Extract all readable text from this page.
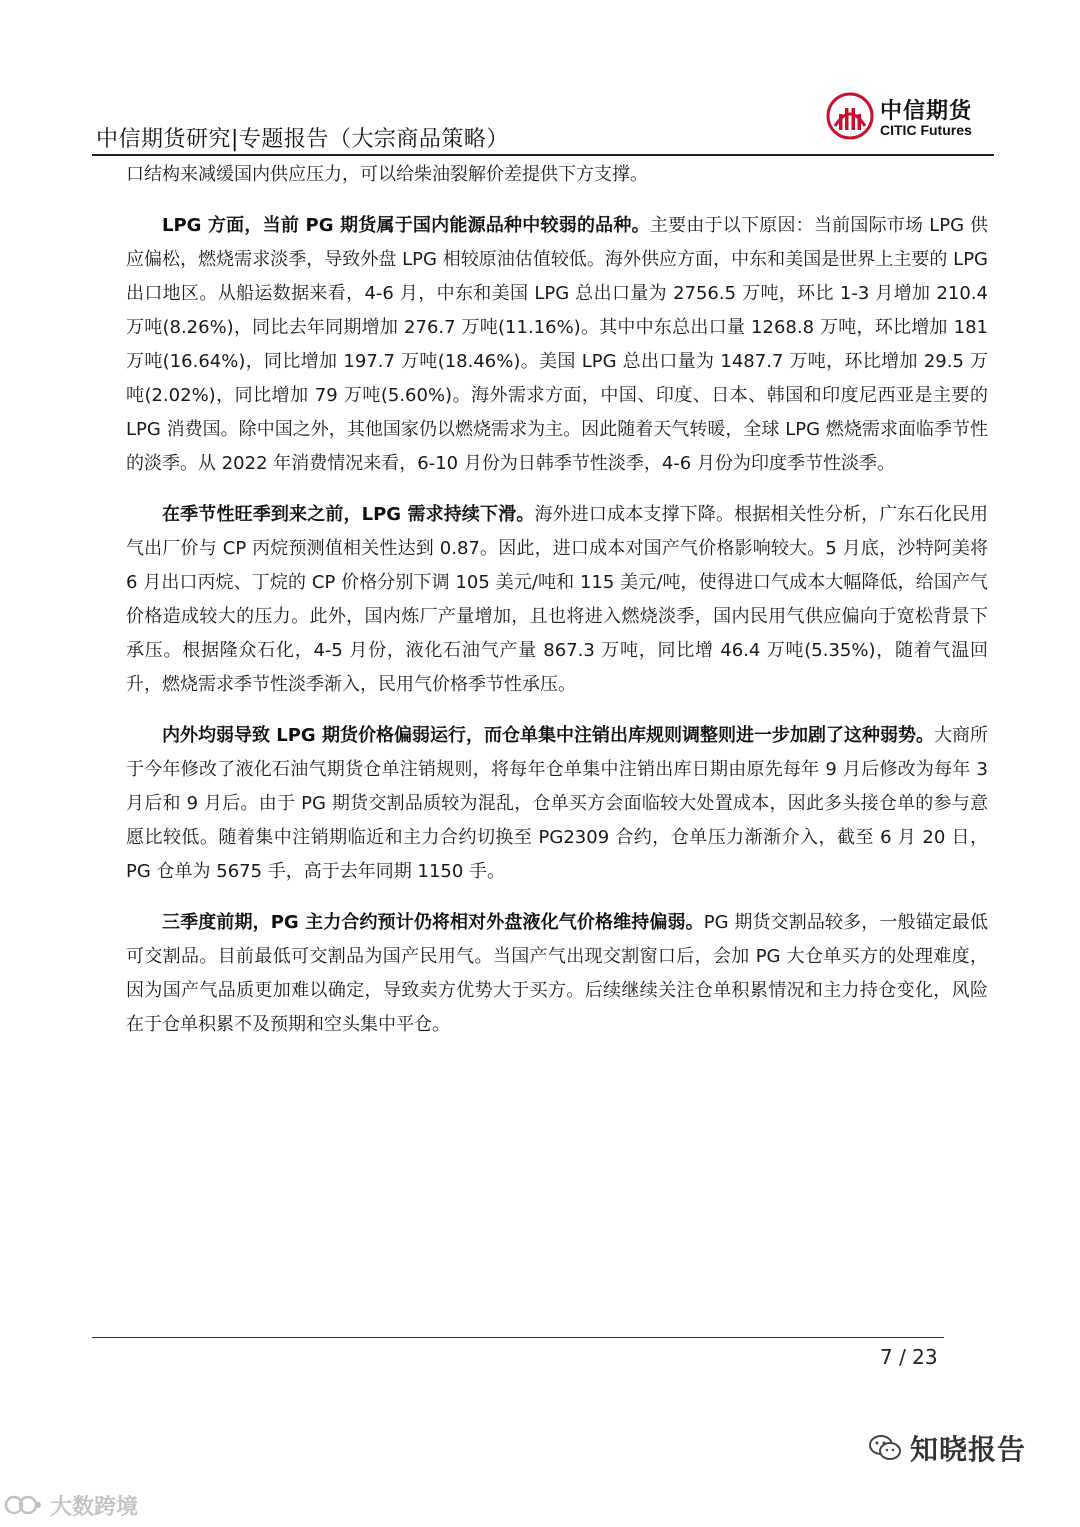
中信期货研究|专题报告（大宗商品策略）
中信期货
CITIC Futures

口结构来减缓国内供应压力，可以给柴油裂解价差提供下方支撑。

LPG 方面，当前 PG 期货属于国内能源品种中较弱的品种。主要由于以下原因：当前国际市场 LPG 供应偏松，燃烧需求淡季，导致外盘 LPG 相较原油估值较低。海外供应方面，中东和美国是世界上主要的 LPG 出口地区。从船运数据来看，4-6 月，中东和美国 LPG 总出口量为 2756.5 万吨，环比 1-3 月增加 210.4 万吨(8.26%)，同比去年同期增加 276.7 万吨(11.16%)。其中中东总出口量 1268.8 万吨，环比增加 181 万吨(16.64%)，同比增加 197.7 万吨(18.46%)。美国 LPG 总出口量为 1487.7 万吨，环比增加 29.5 万吨(2.02%)，同比增加 79 万吨(5.60%)。海外需求方面，中国、印度、日本、韩国和印度尼西亚是主要的 LPG 消费国。除中国之外，其他国家仍以燃烧需求为主。因此随着天气转暖，全球 LPG 燃烧需求面临季节性的淡季。从 2022 年消费情况来看，6-10 月份为日韩季节性淡季，4-6 月份为印度季节性淡季。

在季节性旺季到来之前，LPG 需求持续下滑。海外进口成本支撑下降。根据相关性分析，广东石化民用气出厂价与 CP 丙烷预测值相关性达到 0.87。因此，进口成本对国产气价格影响较大。5 月底，沙特阿美将 6 月出口丙烷、丁烷的 CP 价格分别下调 105 美元/吨和 115 美元/吨，使得进口气成本大幅降低，给国产气价格造成较大的压力。此外，国内炼厂产量增加，且也将进入燃烧淡季，国内民用气供应偏向于宽松背景下承压。根据隆众石化，4-5 月份，液化石油气产量 867.3 万吨，同比增 46.4 万吨(5.35%)，随着气温回升，燃烧需求季节性淡季渐入，民用气价格季节性承压。

内外均弱导致 LPG 期货价格偏弱运行，而仓单集中注销出库规则调整则进一步加剧了这种弱势。大商所于今年修改了液化石油气期货仓单注销规则，将每年仓单集中注销出库日期由原先每年 9 月后修改为每年 3 月后和 9 月后。由于 PG 期货交割品质较为混乱，仓单买方会面临较大处置成本，因此多头接仓单的参与意愿比较低。随着集中注销期临近和主力合约切换至 PG2309 合约，仓单压力渐渐介入，截至 6 月 20 日，PG 仓单为 5675 手，高于去年同期 1150 手。

三季度前期，PG 主力合约预计仍将相对外盘液化气价格维持偏弱。PG 期货交割品较多，一般锚定最低可交割品。目前最低可交割品为国产民用气。当国产气出现交割窗口后，会加 PG 大仓单买方的处理难度，因为国产气品质更加难以确定，导致卖方优势大于买方。后续继续关注仓单积累情况和主力持仓变化，风险在于仓单积累不及预期和空头集中平仓。

7 / 23
知晓报告
大数跨境
